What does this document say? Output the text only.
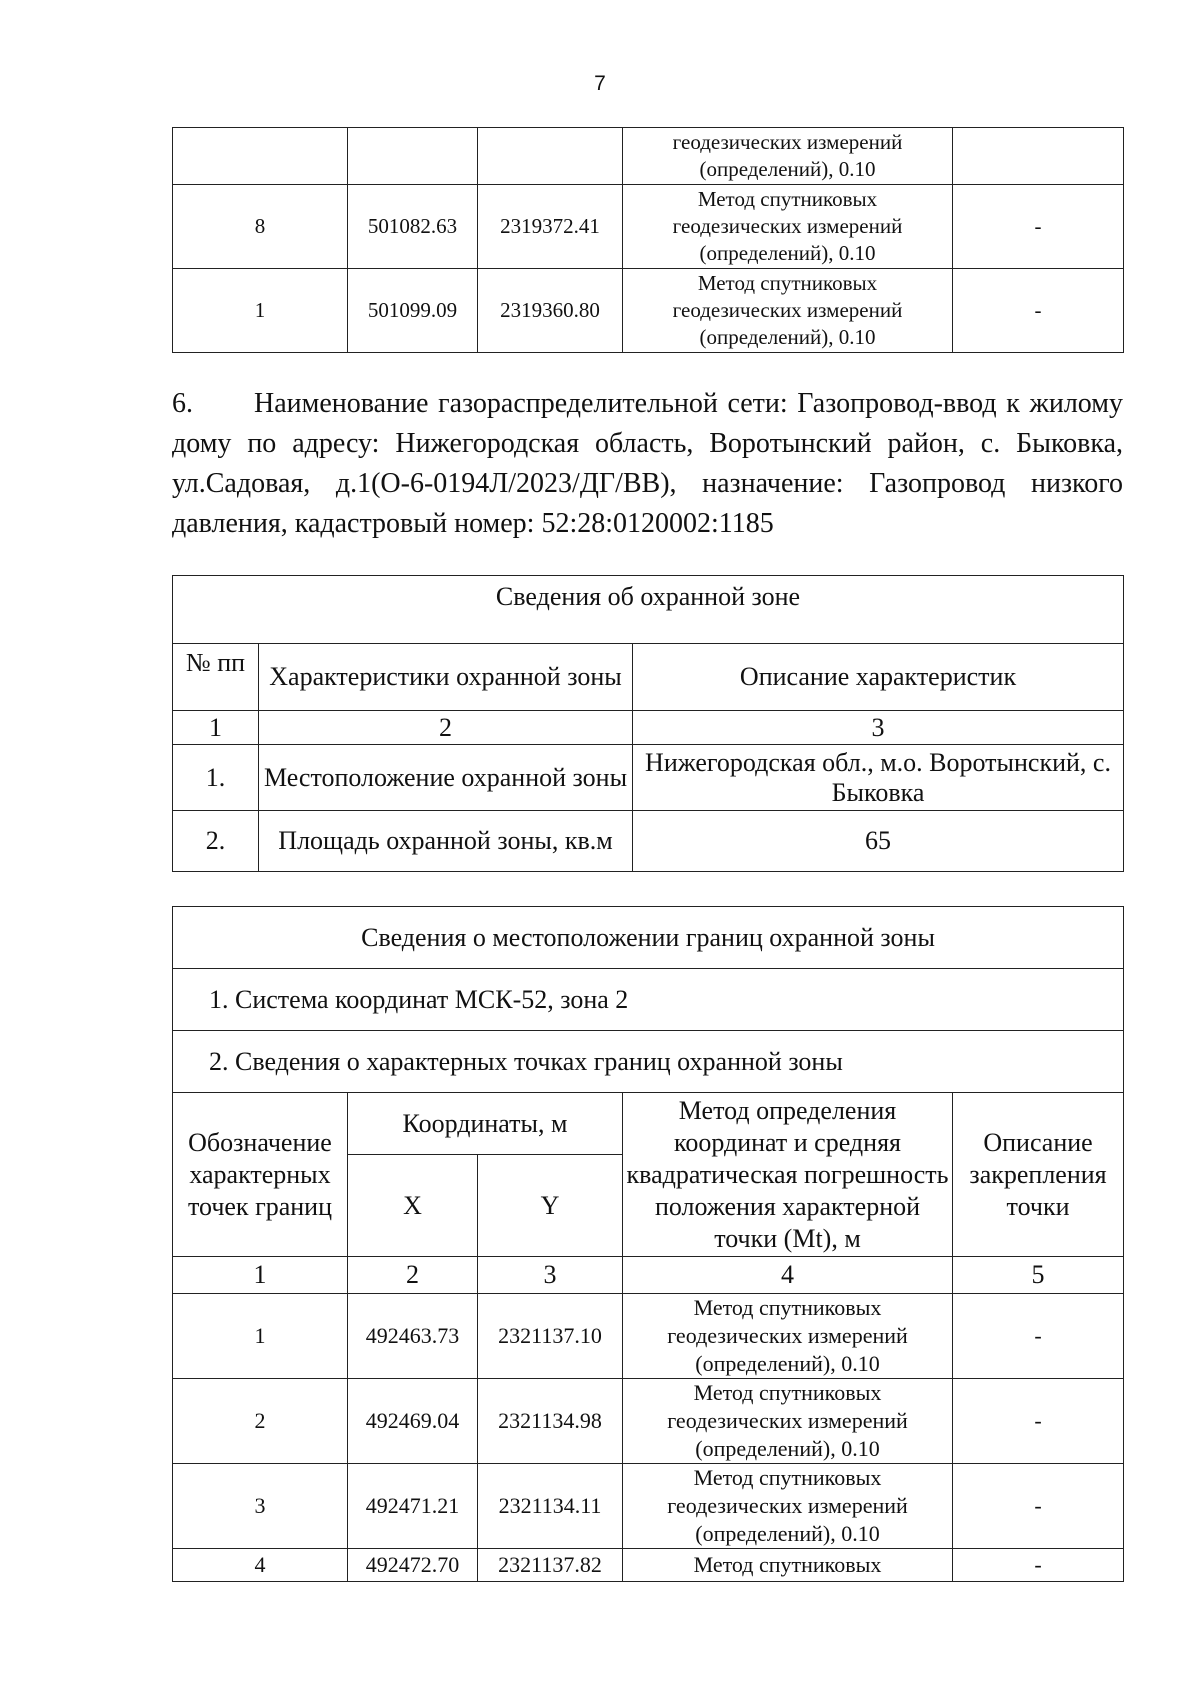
7

			геодезических измерений
(определений), 0.10	

8	501082.63	2319372.41	Метод спутниковых
геодезических измерений
(определений), 0.10	-
1	501099.09	2319360.80	Метод спутниковых
геодезических измерений
(определений), 0.10	-

6. Наименование газораспределительной сети: Газопровод-ввод к жилому дому по адресу: Нижегородская область, Воротынский район, с. Быковка, ул.Садовая, д.1(О-6-0194Л/2023/ДГ/ВВ), назначение: Газопровод низкого давления, кадастровый номер: 52:28:0120002:1185

Сведения об охранной зоне		
№ пп	Характеристики охранной зоны	Описание характеристик
1	2	3
1.	Местоположение охранной зоны	Нижегородская обл., м.о. Воротынский, с. Быковка
2.	Площадь охранной зоны, кв.м	65
Сведения о местоположении границ охранной зоны				
1. Система координат МСК-52, зона 2				
2. Сведения о характерных точках границ охранной зоны				
Обозначение характерных точек границ	Координаты, м		Метод определения координат и средняя квадратическая погрешность положения характерной точки (Mt), м	Описание закрепления точки
	X	Y		
1	2	3	4	5
1	492463.73	2321137.10	Метод спутниковых
геодезических измерений
(определений), 0.10	-
2	492469.04	2321134.98	Метод спутниковых
геодезических измерений
(определений), 0.10	-
3	492471.21	2321134.11	Метод спутниковых
геодезических измерений
(определений), 0.10	-
4	492472.70	2321137.82	Метод спутниковых	-
